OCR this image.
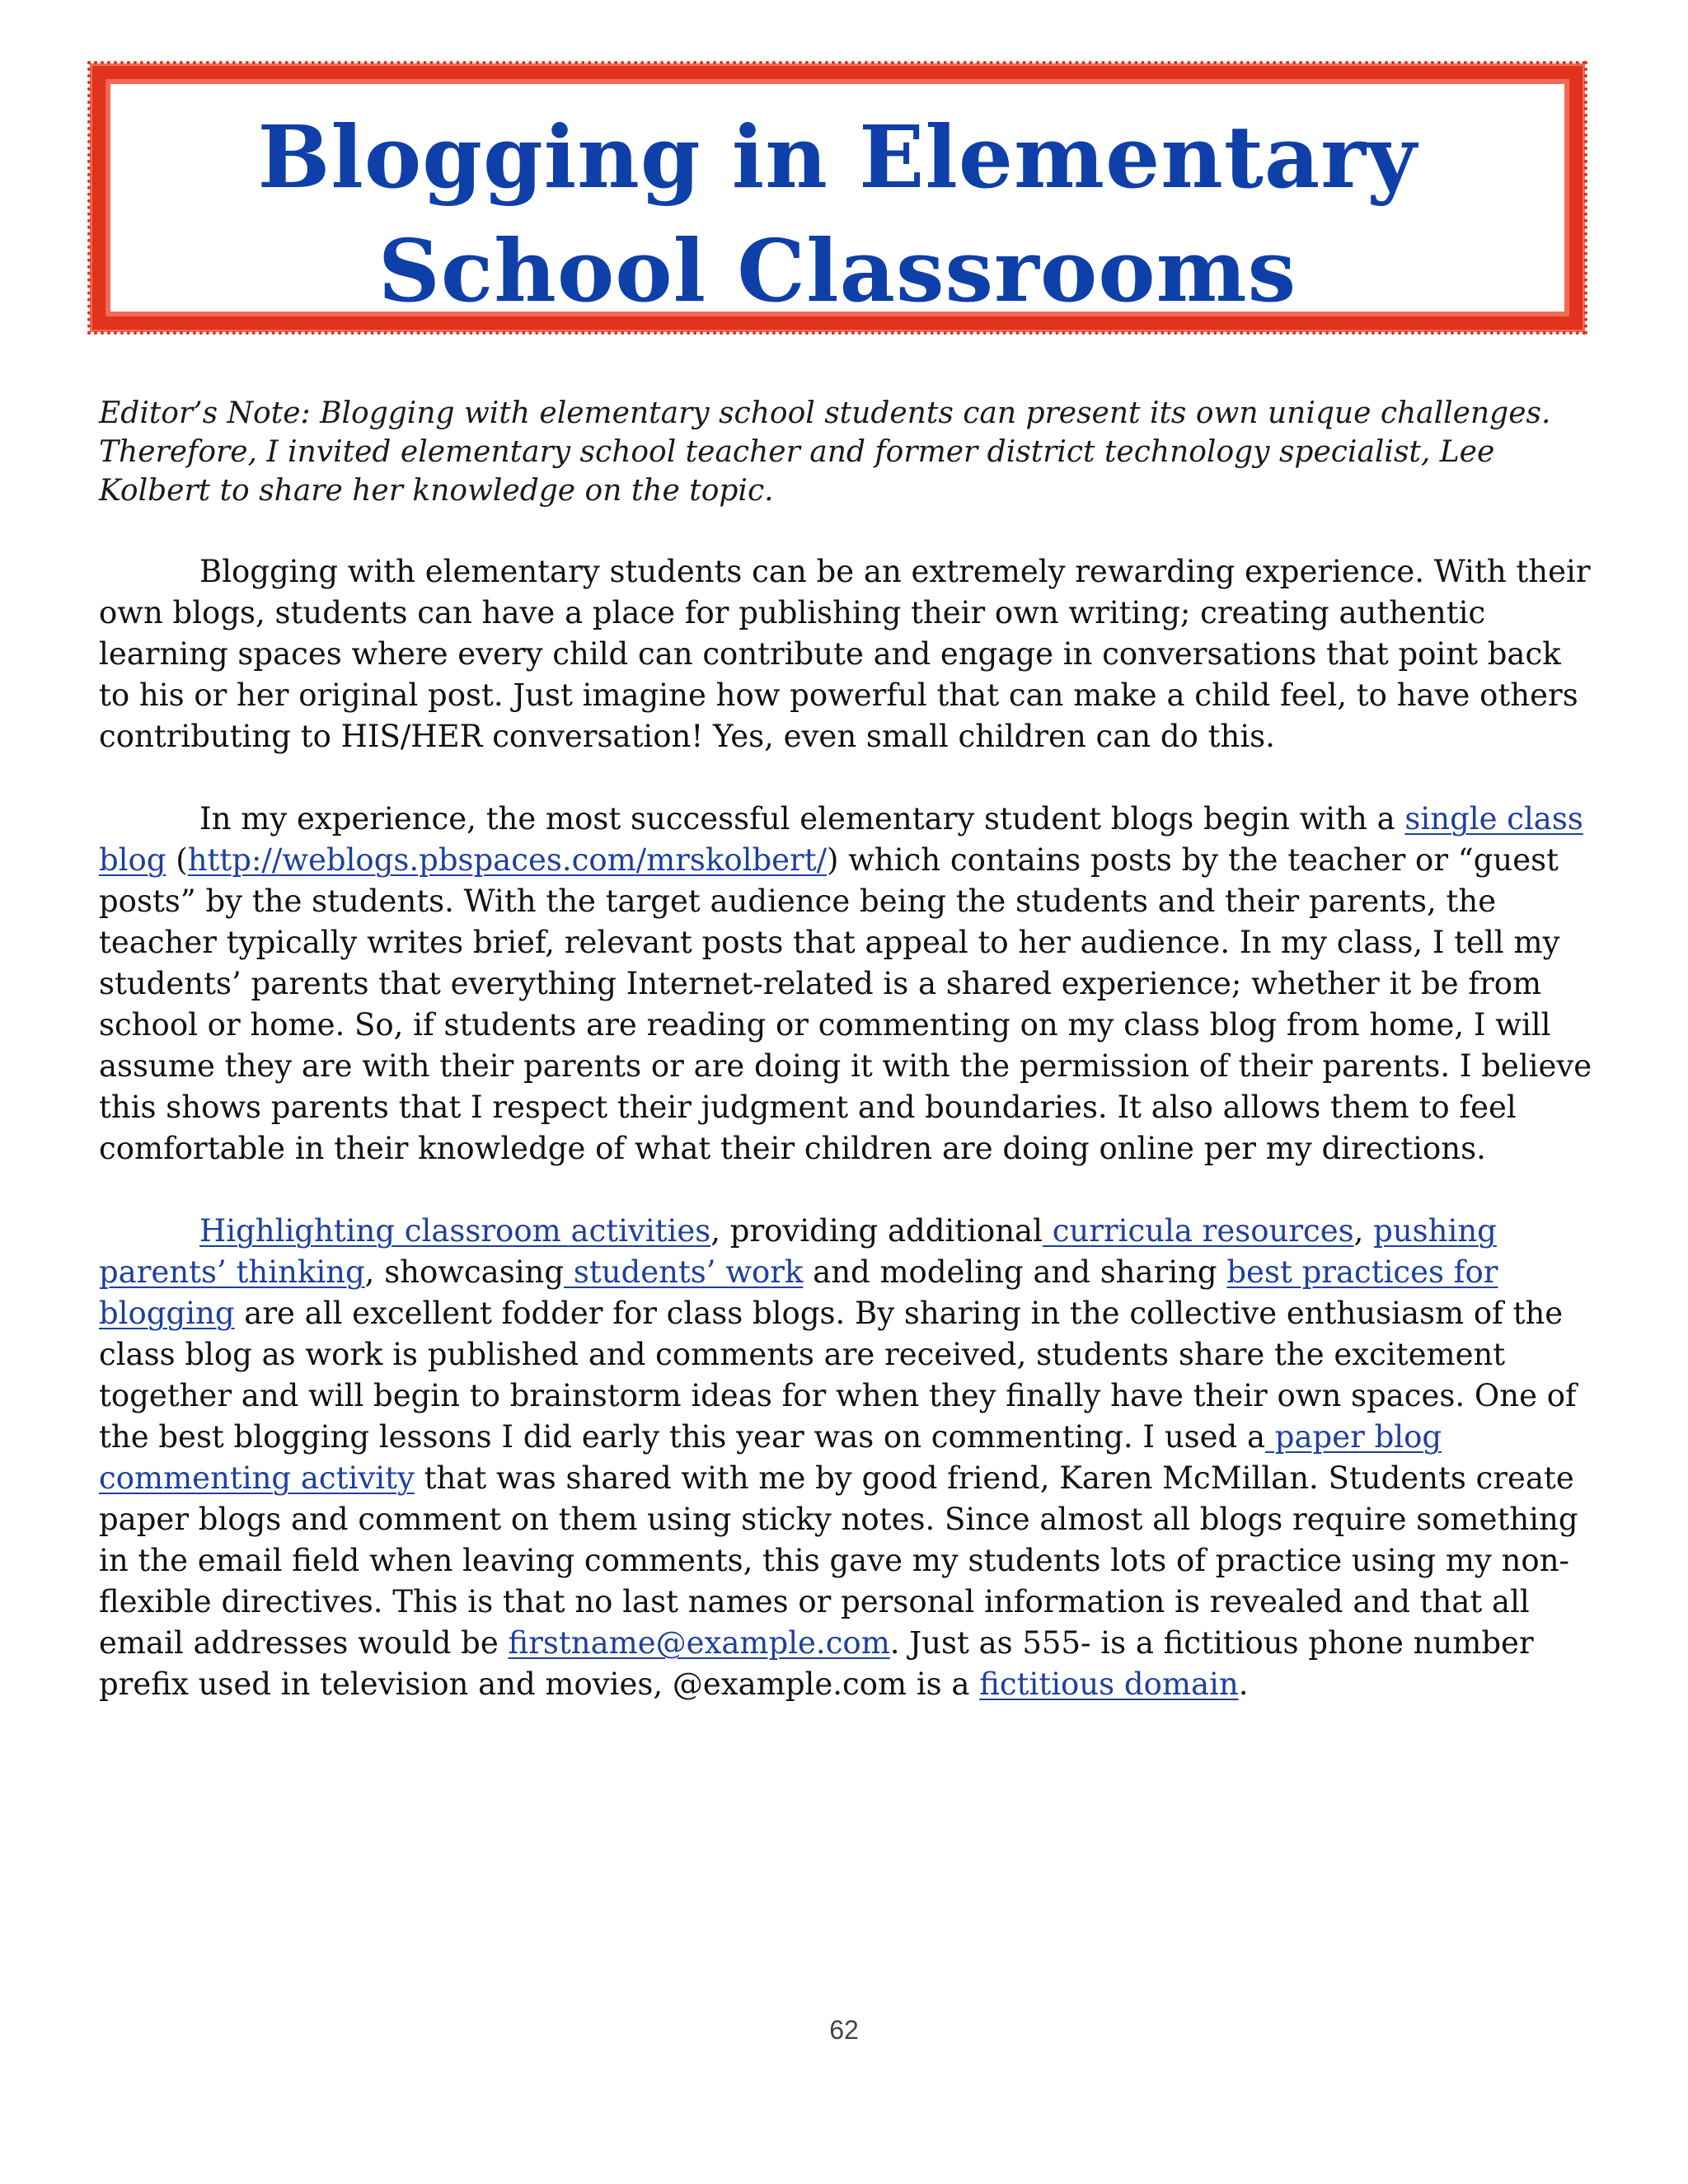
Blogging in Elementary
School Classrooms

Editor’s Note: Blogging with elementary school students can present its own unique challenges. Therefore, I invited elementary school teacher and former district technology specialist, Lee Kolbert to share her knowledge on the topic.

Blogging with elementary students can be an extremely rewarding experience. With their own blogs, students can have a place for publishing their own writing; creating authentic learning spaces where every child can contribute and engage in conversations that point back to his or her original post. Just imagine how powerful that can make a child feel, to have others contributing to HIS/HER conversation! Yes, even small children can do this.

In my experience, the most successful elementary student blogs begin with a single class blog (http://weblogs.pbspaces.com/mrskolbert/) which contains posts by the teacher or “guest posts” by the students. With the target audience being the students and their parents, the teacher typically writes brief, relevant posts that appeal to her audience. In my class, I tell my students’ parents that everything Internet-related is a shared experience; whether it be from school or home. So, if students are reading or commenting on my class blog from home, I will assume they are with their parents or are doing it with the permission of their parents. I believe this shows parents that I respect their judgment and boundaries. It also allows them to feel comfortable in their knowledge of what their children are doing online per my directions.

Highlighting classroom activities, providing additional curricula resources, pushing parents’ thinking, showcasing students’ work and modeling and sharing best practices for blogging are all excellent fodder for class blogs. By sharing in the collective enthusiasm of the class blog as work is published and comments are received, students share the excitement together and will begin to brainstorm ideas for when they finally have their own spaces. One of the best blogging lessons I did early this year was on commenting. I used a paper blog commenting activity that was shared with me by good friend, Karen McMillan. Students create paper blogs and comment on them using sticky notes. Since almost all blogs require something in the email field when leaving comments, this gave my students lots of practice using my non-flexible directives. This is that no last names or personal information is revealed and that all email addresses would be firstname@example.com. Just as 555- is a fictitious phone number prefix used in television and movies, @example.com is a fictitious domain.

62
